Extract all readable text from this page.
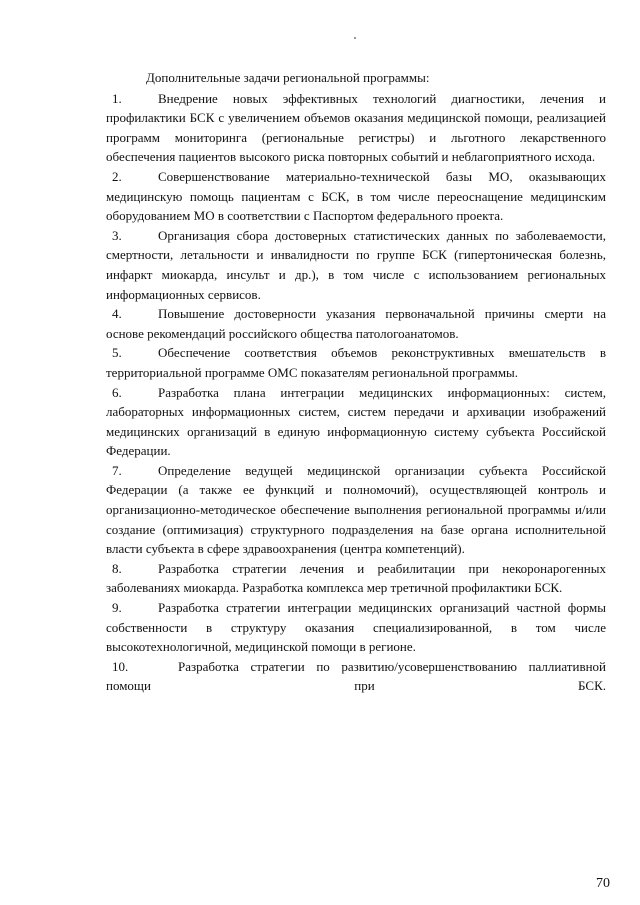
Дополнительные задачи региональной программы:

1.	Внедрение новых эффективных технологий диагностики, лечения и профилактики БСК с увеличением объемов оказания медицинской помощи, реализацией программ мониторинга (региональные регистры) и льготного лекарственного обеспечения пациентов высокого риска повторных событий и неблагоприятного исхода.

2.	Совершенствование материально-технической базы МО, оказывающих медицинскую помощь пациентам с БСК, в том числе переоснащение медицинским оборудованием МО в соответствии с Паспортом федерального проекта.

3.	Организация сбора достоверных статистических данных по заболеваемости, смертности, летальности и инвалидности по группе БСК (гипертоническая болезнь, инфаркт миокарда, инсульт и др.), в том числе с использованием региональных информационных сервисов.

4.	Повышение достоверности указания первоначальной причины смерти на основе рекомендаций российского общества патологоанатомов.

5.	Обеспечение соответствия объемов реконструктивных вмешательств в территориальной программе ОМС показателям региональной программы.

6.	Разработка плана интеграции медицинских информационных: систем, лабораторных информационных систем, систем передачи и архивации изображений медицинских организаций в единую информационную систему субъекта Российской Федерации.

7.	Определение ведущей медицинской организации субъекта Российской Федерации (а также ее функций и полномочий), осуществляющей контроль и организационно-методическое обеспечение выполнения региональной программы и/или создание (оптимизация) структурного подразделения на базе органа исполнительной власти субъекта в сфере здравоохранения (центра компетенций).

8.	Разработка стратегии лечения и реабилитации при некоронарогенных заболеваниях миокарда. Разработка комплекса мер третичной профилактики БСК.

9.	Разработка стратегии интеграции медицинских организаций частной формы собственности в структуру оказания специализированной, в том числе высокотехнологичной, медицинской помощи в регионе.

10.	Разработка стратегии по развитию/усовершенствованию паллиативной помощи при БСК.

70
